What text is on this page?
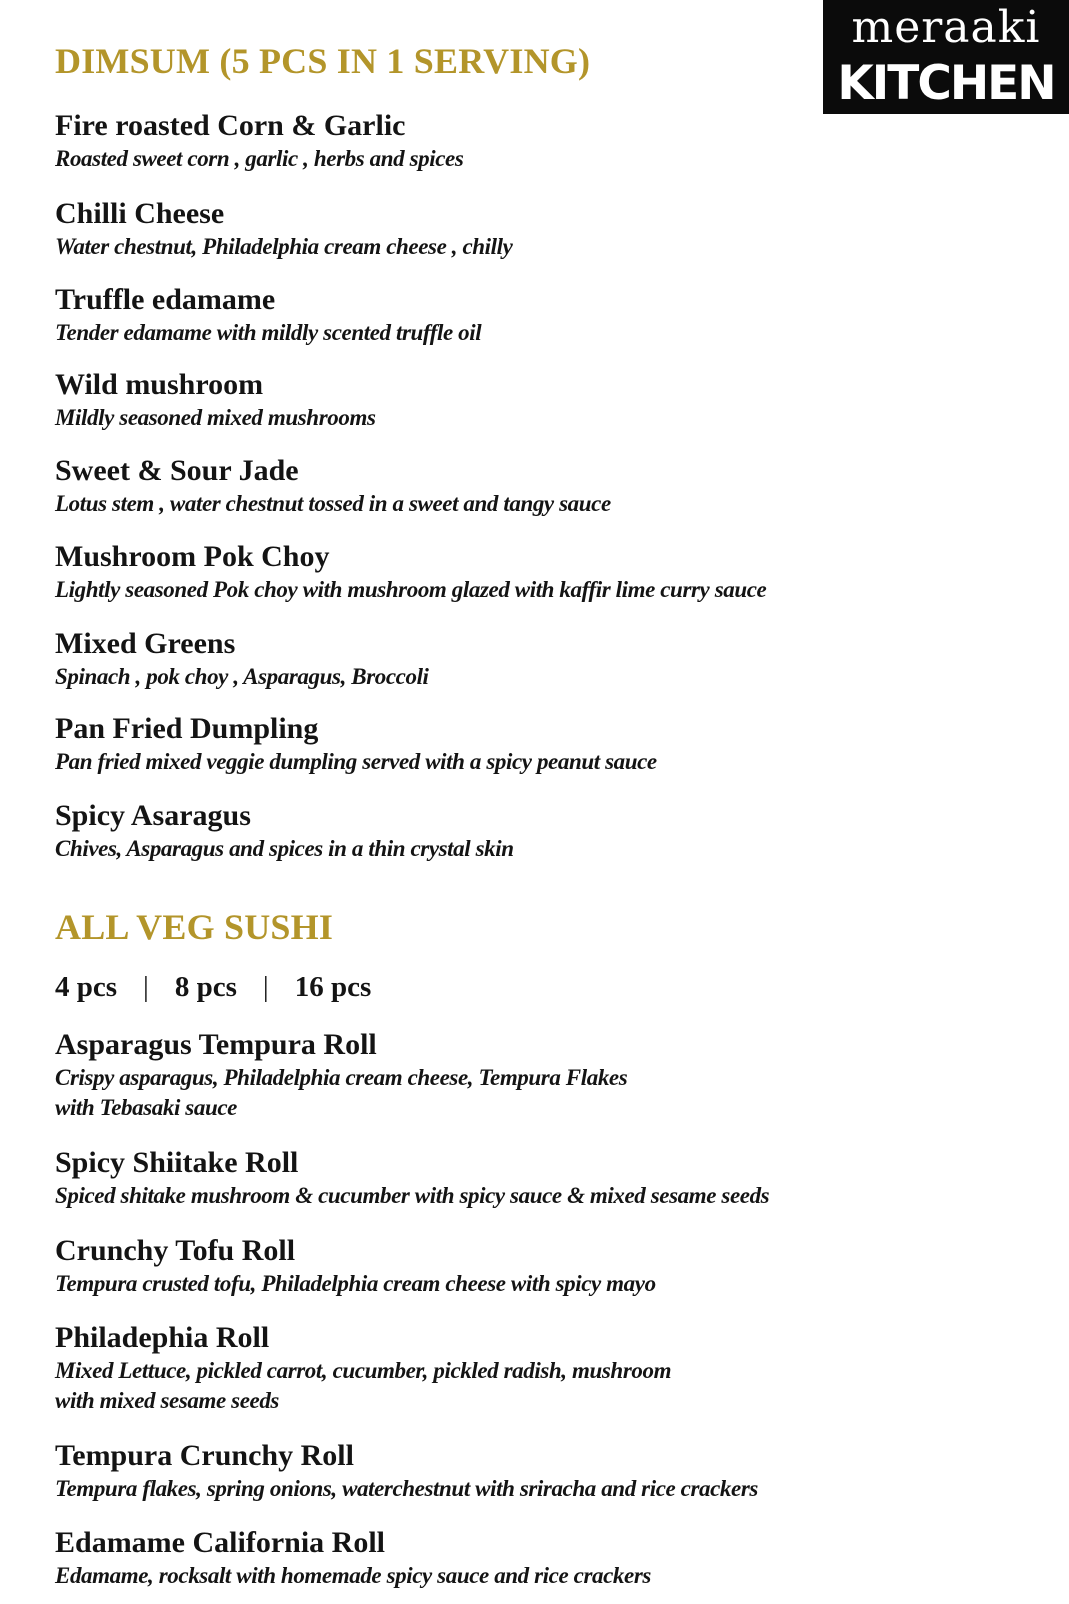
meraaki
KITCHEN
DIMSUM (5 PCS IN 1 SERVING)
Fire roasted Corn & Garlic
Roasted sweet corn , garlic , herbs and spices
Chilli Cheese
Water chestnut, Philadelphia cream cheese , chilly
Truffle edamame
Tender edamame with mildly scented truffle oil
Wild mushroom
Mildly seasoned mixed mushrooms
Sweet & Sour Jade
Lotus stem , water chestnut tossed in a sweet and tangy sauce
Mushroom Pok Choy
Lightly seasoned Pok choy with mushroom glazed with kaffir lime curry sauce
Mixed Greens
Spinach , pok choy , Asparagus, Broccoli
Pan Fried Dumpling
Pan fried mixed veggie dumpling served with a spicy peanut sauce
Spicy Asaragus
Chives, Asparagus and spices in a thin crystal skin
ALL VEG SUSHI
4 pcs | 8 pcs | 16 pcs
Asparagus Tempura Roll
Crispy asparagus, Philadelphia cream cheese, Tempura Flakes
with Tebasaki sauce
Spicy Shiitake Roll
Spiced shitake mushroom & cucumber with spicy sauce & mixed sesame seeds
Crunchy Tofu Roll
Tempura crusted tofu, Philadelphia cream cheese with spicy mayo
Philadephia Roll
Mixed Lettuce, pickled carrot, cucumber, pickled radish, mushroom
with mixed sesame seeds
Tempura Crunchy Roll
Tempura flakes, spring onions, waterchestnut with sriracha and rice crackers
Edamame California Roll
Edamame, rocksalt with homemade spicy sauce and rice crackers
